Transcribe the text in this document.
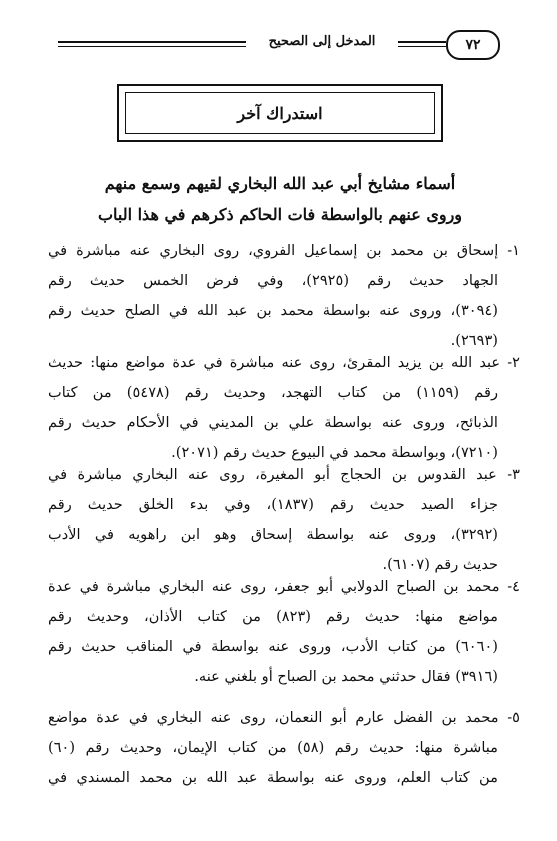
٧٢
المدخل إلى الصحيح
استدراك آخر
أسماء مشايخ أبي عبد الله البخاري لقيهم وسمع منهم
وروى عنهم بالواسطة فات الحاكم ذكرهم في هذا الباب
١- إسحاق بن محمد بن إسماعيل الفروي، روى البخاري عنه مباشرة في
الجهاد حديث رقم (٢٩٢٥)، وفي فرض الخمس حديث رقم
(٣٠٩٤)، وروى عنه بواسطة محمد بن عبد الله في الصلح حديث رقم
(٢٦٩٣).
٢- عبد الله بن يزيد المقرئ، روى عنه مباشرة في عدة مواضع منها: حديث
رقم (١١٥٩) من كتاب التهجد، وحديث رقم (٥٤٧٨) من كتاب
الذبائح، وروى عنه بواسطة علي بن المديني في الأحكام حديث رقم
(٧٢١٠)، وبواسطة محمد في البيوع حديث رقم (٢٠٧١).
٣- عبد القدوس بن الحجاج أبو المغيرة، روى عنه البخاري مباشرة في
جزاء الصيد حديث رقم (١٨٣٧)، وفي بدء الخلق حديث رقم
(٣٢٩٢)، وروى عنه بواسطة إسحاق وهو ابن راهويه في الأدب
حديث رقم (٦١٠٧).
٤- محمد بن الصباح الدولابي أبو جعفر، روى عنه البخاري مباشرة في عدة
مواضع منها: حديث رقم (٨٢٣) من كتاب الأذان، وحديث رقم
(٦٠٦٠) من كتاب الأدب، وروى عنه بواسطة في المناقب حديث رقم
(٣٩١٦) فقال حدثني محمد بن الصباح أو بلغني عنه.
٥- محمد بن الفضل عارم أبو النعمان، روى عنه البخاري في عدة مواضع
مباشرة منها: حديث رقم (٥٨) من كتاب الإيمان، وحديث رقم (٦٠)
من كتاب العلم، وروى عنه بواسطة عبد الله بن محمد المسندي في
